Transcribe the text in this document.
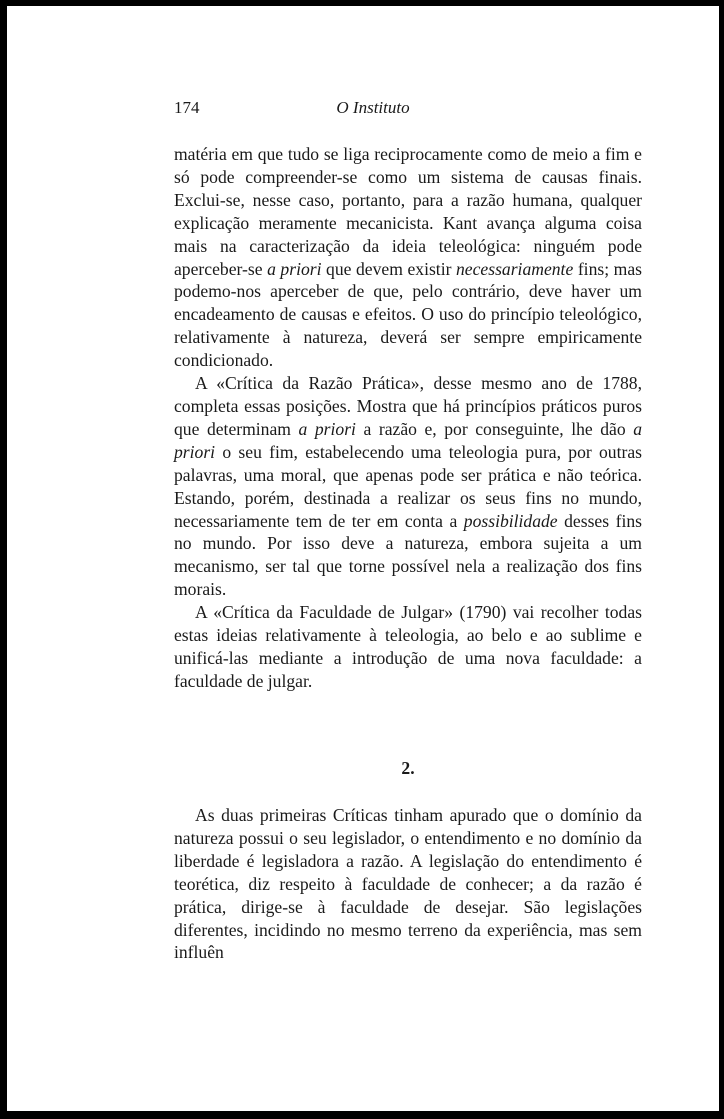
174	O Instituto

matéria em que tudo se liga reciprocamente como de meio a fim e só pode compreender-se como um sistema de causas finais. Exclui-se, nesse caso, portanto, para a razão humana, qualquer explicação meramente mecanicista. Kant avança alguma coisa mais na caracterização da ideia teleológica: ninguém pode aperceber-se a priori que devem existir necessariamente fins; mas podemo-nos aperceber de que, pelo contrário, deve haver um encadeamento de causas e efeitos. O uso do princípio teleológico, relativamente à natureza, deverá ser sempre empiricamente condicionado.

A «Crítica da Razão Prática», desse mesmo ano de 1788, completa essas posições. Mostra que há princípios práticos puros que determinam a priori a razão e, por conseguinte, lhe dão a priori o seu fim, estabelecendo uma teleologia pura, por outras palavras, uma moral, que apenas pode ser prática e não teórica. Estando, porém, destinada a realizar os seus fins no mundo, necessariamente tem de ter em conta a possibilidade desses fins no mundo. Por isso deve a natureza, embora sujeita a um mecanismo, ser tal que torne possível nela a realização dos fins morais.

A «Crítica da Faculdade de Julgar» (1790) vai recolher todas estas ideias relativamente à teleologia, ao belo e ao sublime e unificá-las mediante a introdução de uma nova faculdade: a faculdade de julgar.

2.

As duas primeiras Críticas tinham apurado que o domínio da natureza possui o seu legislador, o entendimento e no domínio da liberdade é legisladora a razão. A legislação do entendimento é teorética, diz respeito à faculdade de conhecer; a da razão é prática, dirige-se à faculdade de desejar. São legislações diferentes, incidindo no mesmo terreno da experiência, mas sem influên
